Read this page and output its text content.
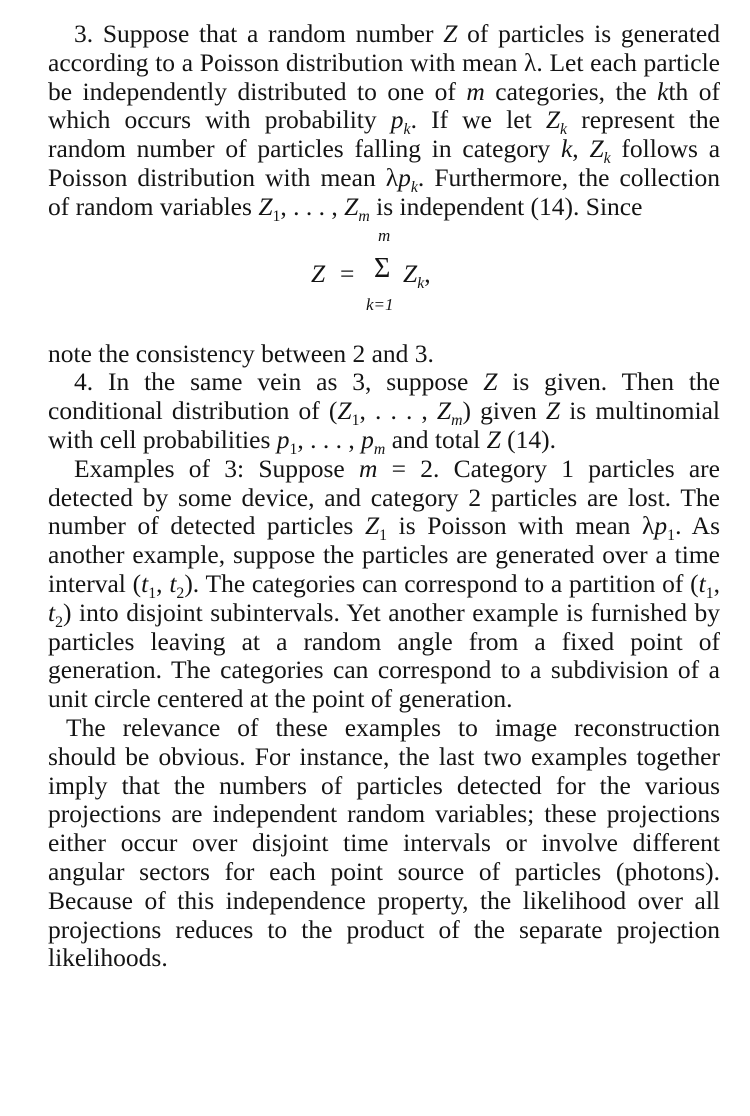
3. Suppose that a random number Z of particles is generated according to a Poisson distribution with mean λ. Let each particle be independently distributed to one of m categories, the kth of which occurs with probability $p_k$. If we let $Z_k$ represent the random number of particles falling in category k, $Z_k$ follows a Poisson distribution with mean $\lambda p_k$. Furthermore, the collection of random variables $Z_1$, . . . , $Z_m$ is independent (14). Since

Z =
m
Σ
k=1
$Z_k$,

note the consistency between 2 and 3.

4. In the same vein as 3, suppose Z is given. Then the conditional distribution of ($Z_1$, . . . , $Z_m$) given Z is multinomial with cell probabilities $p_1$, . . . , $p_m$ and total Z (14).

Examples of 3: Suppose m = 2. Category 1 particles are detected by some device, and category 2 particles are lost. The number of detected particles $Z_1$ is Poisson with mean $\lambda p_1$. As another example, suppose the particles are generated over a time interval ($t_1$, $t_2$). The categories can correspond to a partition of ($t_1$, $t_2$) into disjoint subintervals. Yet another example is furnished by particles leaving at a random angle from a fixed point of generation. The categories can correspond to a subdivision of a unit circle centered at the point of generation.

The relevance of these examples to image reconstruction should be obvious. For instance, the last two examples together imply that the numbers of particles detected for the various projections are independent random variables; these projections either occur over disjoint time intervals or involve different angular sectors for each point source of particles (photons). Because of this independence property, the likelihood over all projections reduces to the product of the separate projection likelihoods.
